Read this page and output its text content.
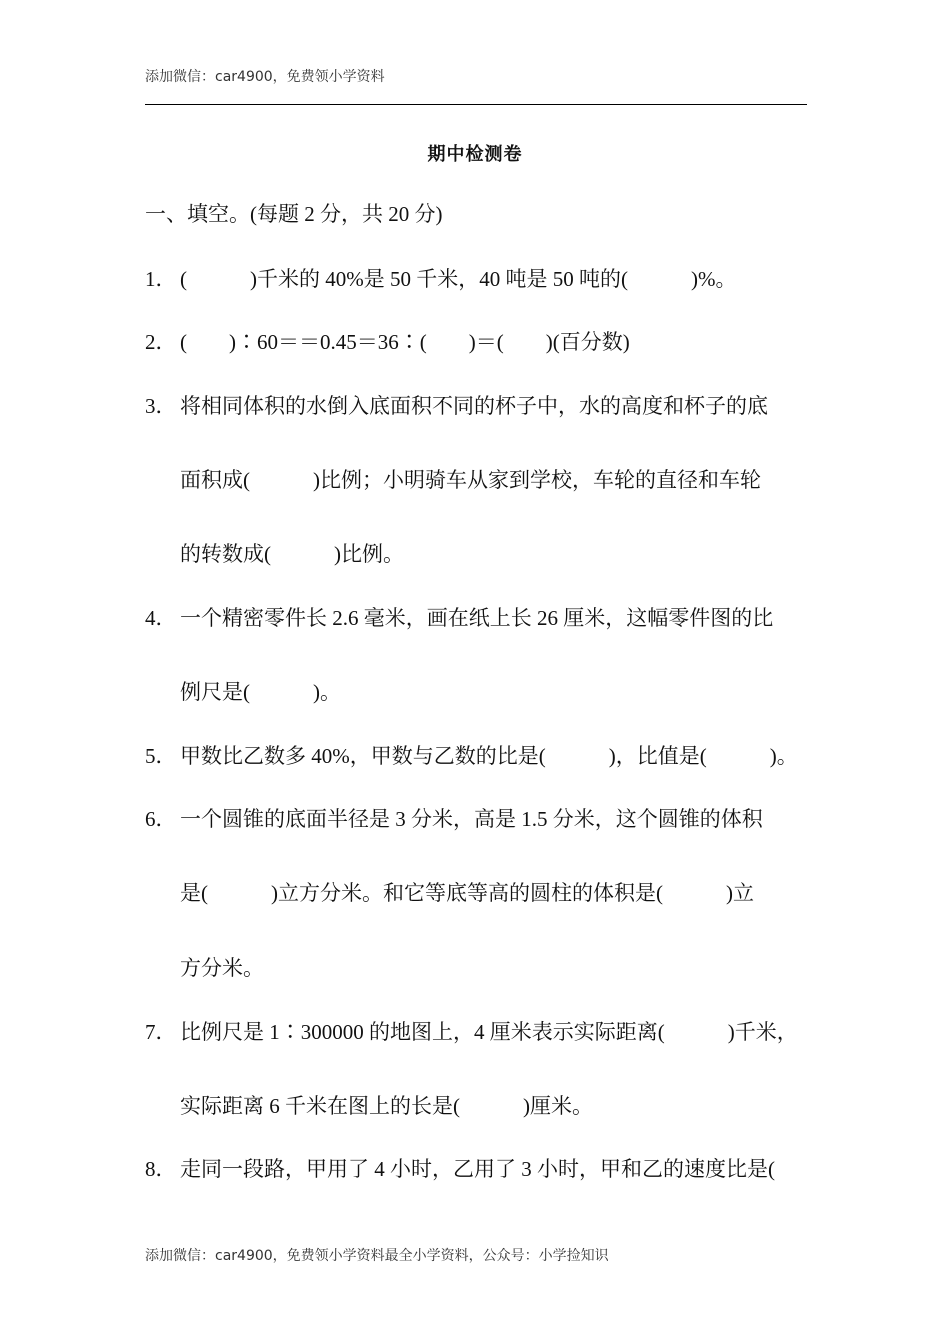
添加微信：car4900，免费领小学资料
期中检测卷
一、填空。(每题 2 分，共 20 分)
1． (　　　)千米的 40%是 50 千米，40 吨是 50 吨的(　　　)%。
2． (　　)∶60＝＝0.45＝36∶(　　)＝(　　)(百分数)
3． 将相同体积的水倒入底面积不同的杯子中，水的高度和杯子的底
面积成(　　　)比例；小明骑车从家到学校，车轮的直径和车轮
的转数成(　　　)比例。
4． 一个精密零件长 2.6 毫米，画在纸上长 26 厘米，这幅零件图的比
例尺是(　　　)。
5． 甲数比乙数多 40%，甲数与乙数的比是(　　　)，比值是(　　　)。
6． 一个圆锥的底面半径是 3 分米，高是 1.5 分米，这个圆锥的体积
是(　　　)立方分米。和它等底等高的圆柱的体积是(　　　)立
方分米。
7． 比例尺是 1∶300000 的地图上，4 厘米表示实际距离(　　　)千米，
实际距离 6 千米在图上的长是(　　　)厘米。
8． 走同一段路，甲用了 4 小时，乙用了 3 小时，甲和乙的速度比是(
添加微信：car4900，免费领小学资料最全小学资料，公众号：小学捡知识
